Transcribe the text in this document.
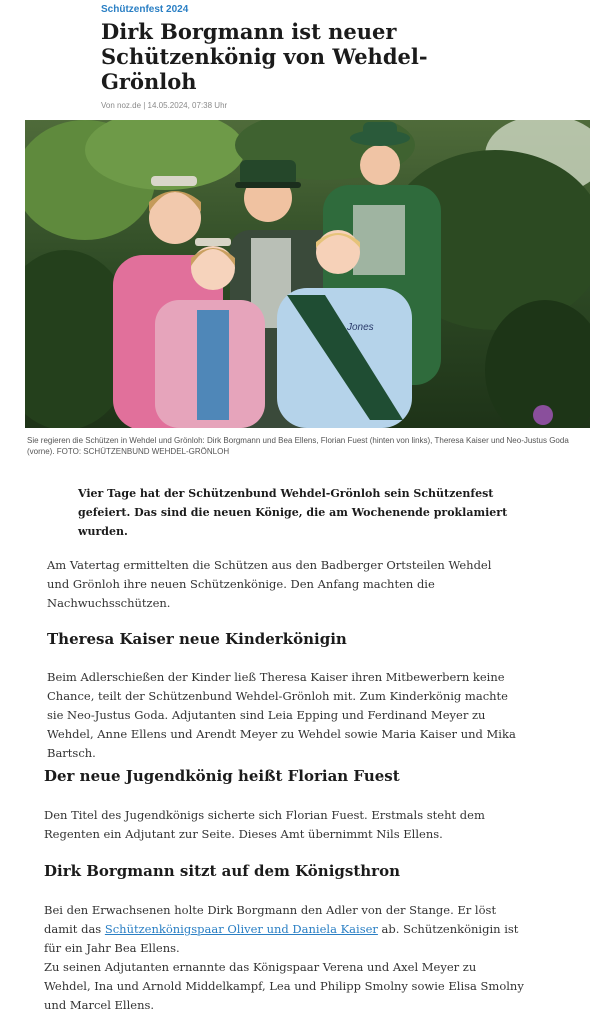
Schützenfest 2024
Dirk Borgmann ist neuer Schützenkönig von Wehdel-Grönloh
Von noz.de | 14.05.2024, 07:38 Uhr
Jones
Sie regieren die Schützen in Wehdel und Grönloh: Dirk Borgmann und Bea Ellens, Florian Fuest (hinten von links), Theresa Kaiser und Neo-Justus Goda (vorne). FOTO: SCHÜTZENBUND WEHDEL-GRÖNLOH

Vier Tage hat der Schützenbund Wehdel-Grönloh sein Schützenfest gefeiert. Das sind die neuen Könige, die am Wochenende proklamiert wurden.

Am Vatertag ermittelten die Schützen aus den Badberger Ortsteilen Wehdel und Grönloh ihre neuen Schützenkönige. Den Anfang machten die Nachwuchsschützen.

Theresa Kaiser neue Kinderkönigin

Beim Adlerschießen der Kinder ließ Theresa Kaiser ihren Mitbewerbern keine Chance, teilt der Schützenbund Wehdel-Grönloh mit. Zum Kinderkönig machte sie Neo-Justus Goda. Adjutanten sind Leia Epping und Ferdinand Meyer zu Wehdel, Anne Ellens und Arendt Meyer zu Wehdel sowie Maria Kaiser und Mika Bartsch.

Der neue Jugendkönig heißt Florian Fuest

Den Titel des Jugendkönigs sicherte sich Florian Fuest. Erstmals steht dem Regenten ein Adjutant zur Seite. Dieses Amt übernimmt Nils Ellens.

Dirk Borgmann sitzt auf dem Königsthron

Bei den Erwachsenen holte Dirk Borgmann den Adler von der Stange. Er löst damit das Schützenkönigspaar Oliver und Daniela Kaiser ab. Schützenkönigin ist für ein Jahr Bea Ellens.

Zu seinen Adjutanten ernannte das Königspaar Verena und Axel Meyer zu Wehdel, Ina und Arnold Middelkampf, Lea und Philipp Smolny sowie Elisa Smolny und Marcel Ellens.
